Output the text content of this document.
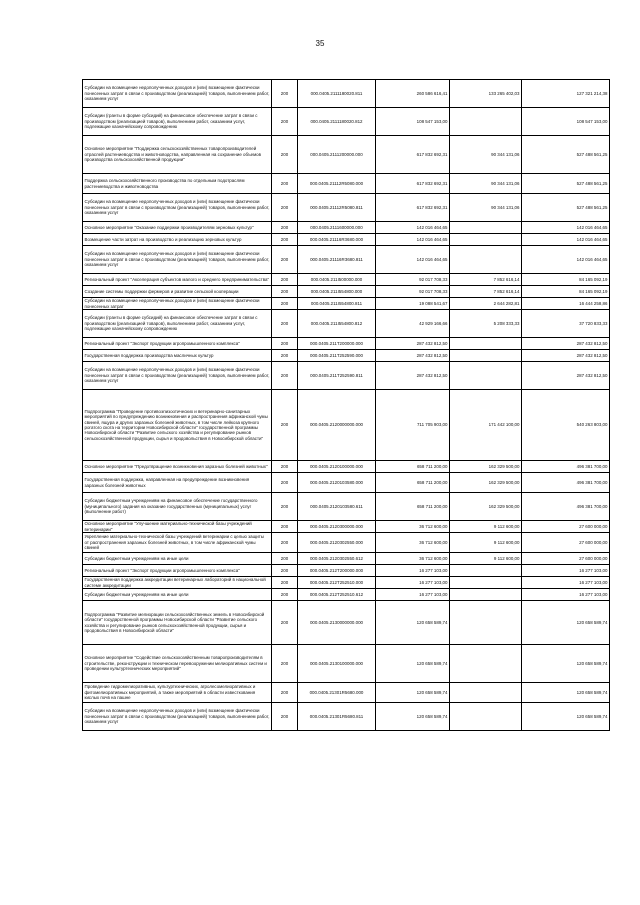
35
Субсидии на возмещение недополученных доходов и (или) возмещение фактически понесенных затрат в связи с производством (реализацией) товаров, выполнением работ, оказанием услуг	200	000.0405.2111180020.811	260 586 616,41	133 265 402,03	127 321 214,38
Субсидии (гранты в форме субсидий) на финансовое обеспечение затрат в связи с производством (реализацией товаров), выполнением работ, оказанием услуг, подлежащие казначейскому сопровождению	200	000.0405.2111180020.812	108 547 153,00		108 547 153,00
Основное мероприятие "Поддержка сельскохозяйственных товаропроизводителей отраслей растениеводства и животноводства, направленная на сохранение объемов производства сельскохозяйственной продукции"	200	000.0405.2111200000.000	617 832 692,31	90 344 131,06	527 488 561,25
Поддержка сельскохозяйственного производства по отдельным подотраслям растениеводства и животноводства	200	000.0405.21112R5080.000	617 832 692,31	90 344 131,06	527 488 561,25
Субсидии на возмещение недополученных доходов и (или) возмещение фактически понесенных затрат в связи с производством (реализацией) товаров, выполнением работ, оказанием услуг	200	000.0405.21112R5080.811	617 832 692,31	90 344 131,06	527 488 561,25
Основное мероприятие "Оказание поддержки производителям зерновых культур"	200	000.0405.2111600000.000	142 016 464,65		142 016 464,65
Возмещение части затрат на производство и реализацию зерновых культур	200	000.0405.21116R3680.000	142 016 464,65		142 016 464,65
Субсидии на возмещение недополученных доходов и (или) возмещение фактически понесенных затрат в связи с производством (реализацией) товаров, выполнением работ, оказанием услуг	200	000.0405.21116R3680.811	142 016 464,65		142 016 464,65
Региональный проект "Акселерация субъектов малого и среднего предпринимательства"	200	000.0405.211I500000.000	92 017 708,33	7 852 616,14	84 165 092,19
Создание системы поддержки фермеров и развитие сельской кооперации	200	000.0405.211I554800.000	92 017 708,33	7 852 616,14	84 165 092,19
Субсидии на возмещение недополученных доходов и (или) возмещение фактически понесенных затрат	200	000.0405.211I554800.811	19 088 541,67	2 644 282,81	16 444 258,86
Субсидии (гранты в форме субсидий) на финансовое обеспечение затрат в связи с производством (реализацией товаров), выполнением работ, оказанием услуг, подлежащие казначейскому сопровождению	200	000.0405.211I554800.812	42 929 166,66	5 208 333,33	37 720 833,33
Региональный проект "Экспорт продукции агропромышленного комплекса"	200	000.0405.211T200000.000	287 432 812,50		287 432 812,50
Государственная поддержка производства масличных культур	200	000.0405.211T252590.000	287 432 812,50		287 432 812,50
Субсидии на возмещение недополученных доходов и (или) возмещение фактически понесенных затрат в связи с производством (реализацией) товаров, выполнением работ, оказанием услуг	200	000.0405.211T252590.811	287 432 812,50		287 432 812,50
Подпрограмма "Проведение противоэпизоотических и ветеринарно-санитарных мероприятий по предупреждению возникновения и распространения африканской чумы свиней, ящура и других заразных болезней животных, в том числе лейкоза крупного рогатого скота на территории Новосибирской области" государственной программы Новосибирской области "Развитие сельского хозяйства и регулирование рынков сельскохозяйственной продукции, сырья и продовольствия в Новосибирской области"	200	000.0405.2120000000.000	711 705 903,00	171 442 100,00	540 263 803,00
Основное мероприятие "Предотвращение возникновения заразных болезней животных"	200	000.0405.2120100000.000	658 711 200,00	162 329 500,00	496 381 700,00
Государственная поддержка, направленная на предупреждение возникновения заразных болезней животных	200	000.0405.2120103580.000	658 711 200,00	162 329 500,00	496 381 700,00
Субсидии бюджетным учреждениям на финансовое обеспечение государственного (муниципального) задания на оказание государственных (муниципальных) услуг (выполнение работ)	200	000.0405.2120103580.611	658 711 200,00	162 329 500,00	496 381 700,00
Основное мероприятие "Улучшение материально-технической базы учреждений ветеринарии"	200	000.0405.2120300000.000	36 712 600,00	9 112 600,00	27 600 000,00
Укрепление материально-технической базы учреждений ветеринарии с целью защиты от распространения заразных болезней животных, в том числе африканской чумы свиней	200	000.0405.2120302550.000	36 712 600,00	9 112 600,00	27 600 000,00
Субсидии бюджетным учреждениям на иные цели	200	000.0405.2120302550.612	36 712 600,00	9 112 600,00	27 600 000,00
Региональный проект "Экспорт продукции агропромышленного комплекса"	200	000.0405.212T200000.000	16 277 103,00		16 277 103,00
Государственная поддержка аккредитации ветеринарных лабораторий в национальной системе аккредитации	200	000.0405.212T252510.000	16 277 103,00		16 277 103,00
Субсидии бюджетным учреждениям на иные цели	200	000.0405.212T252510.612	16 277 103,00		16 277 103,00
Подпрограмма "Развитие мелиорации сельскохозяйственных земель в Новосибирской области" государственной программы Новосибирской области "Развитие сельского хозяйства и регулирование рынков сельскохозяйственной продукции, сырья и продовольствия в Новосибирской области"	200	000.0405.2130000000.000	120 658 589,74		120 658 589,74
Основное мероприятие "Содействие сельскохозяйственным товаропроизводителям в строительстве, реконструкции и техническом перевооружении мелиоративных систем и проведении культуртехнических мероприятий"	200	000.0405.2130100000.000	120 658 589,74		120 658 589,74
Проведение гидромелиоративных, культуртехнических, агролесомелиоративных и фитомелиоративных мероприятий, а также мероприятий в области известкования кислых почв на пашне	200	000.0405.21301R5680.000	120 658 589,74		120 658 589,74
Субсидии на возмещение недополученных доходов и (или) возмещение фактически понесенных затрат в связи с производством (реализацией) товаров, выполнением работ, оказанием услуг	200	000.0405.21301R5680.811	120 658 589,74		120 658 589,74
